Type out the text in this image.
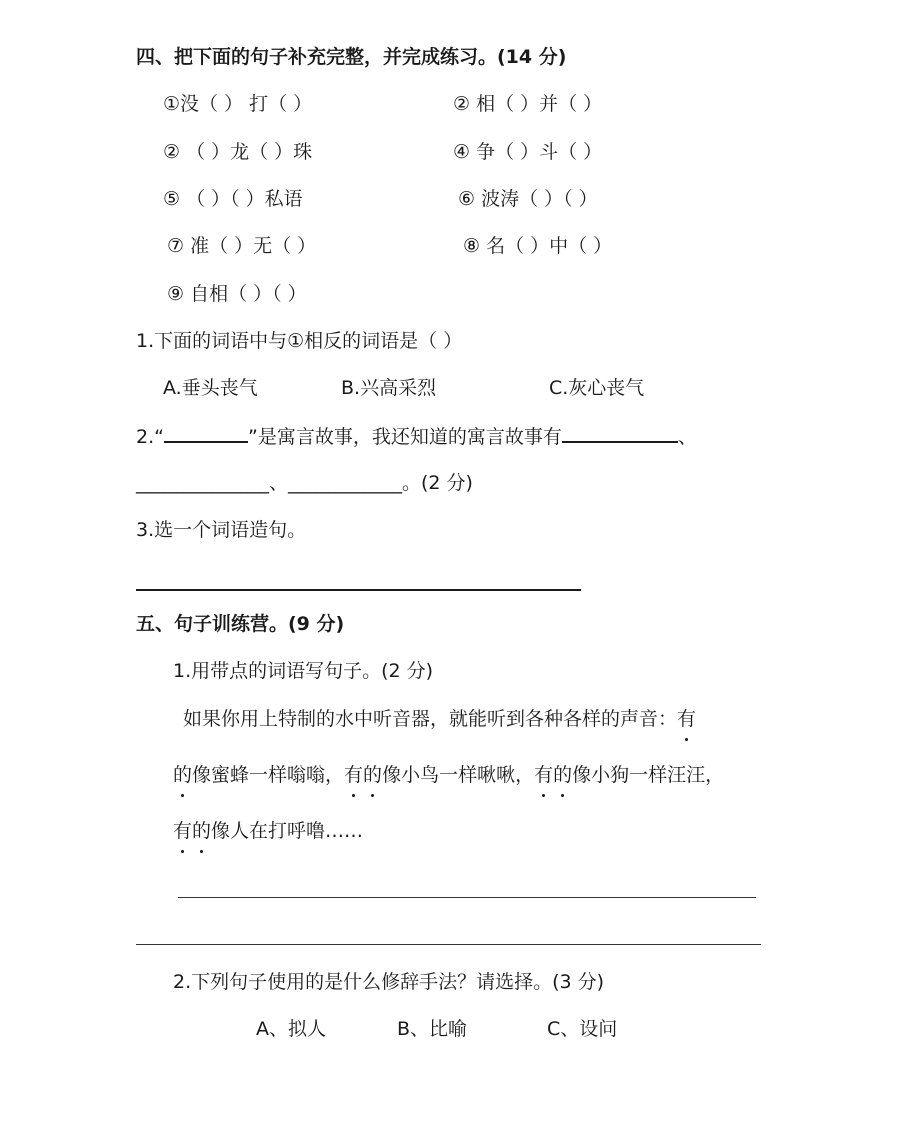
四、把下面的句子补充完整，并完成练习。(14 分)
①没（ ） 打（ ）	② 相（ ）并（ ）
② （ ）龙（ ）珠	④ 争（ ）斗（ ）
⑤ （ ）（ ）私语	⑥ 波涛（ ）（ ）
⑦ 准（ ）无（ ）	⑧ 名（ ）中（ ）
⑨ 自相（ ）（ ）
1.下面的词语中与①相反的词语是（ ）
A.垂头丧气	B.兴高采烈	C.灰心丧气
2.“	”是寓言故事，我还知道的寓言故事有	、
______________、____________。(2 分)
3.选一个词语造句。
五、句子训练营。(9 分)
1.用带点的词语写句子。(2 分)
如果你用上特制的水中听音器，就能听到各种各样的声音：有
的像蜜蜂一样嗡嗡，有的像小鸟一样啾啾，有的像小狗一样汪汪，
有的像人在打呼噜……
2.下列句子使用的是什么修辞手法？请选择。(3 分)
A、拟人	B、比喻	C、设问
